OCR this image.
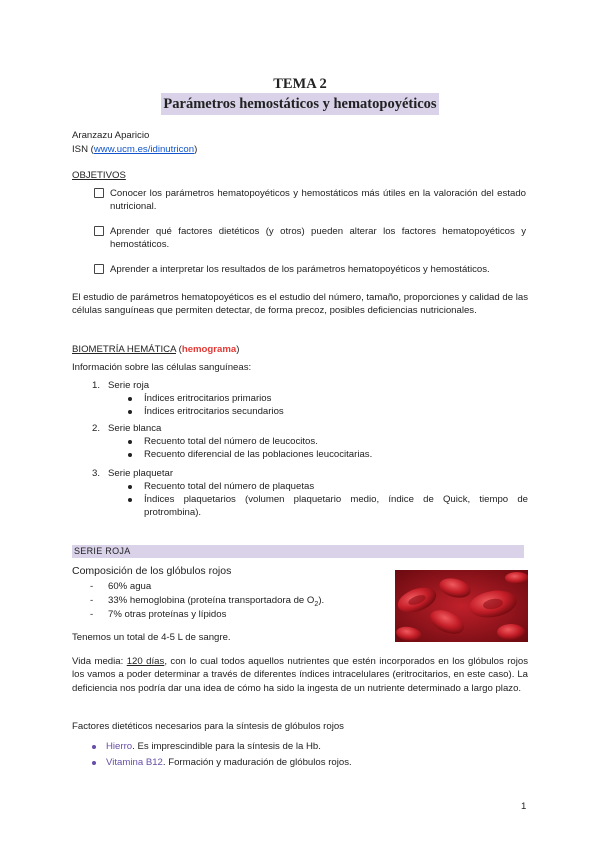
TEMA 2
Parámetros hemostáticos y hematopoyéticos
Aranzazu Aparicio
ISN (www.ucm.es/idinutricon)
OBJETIVOS
Conocer los parámetros hematopoyéticos y hemostáticos más útiles en la valoración del estado nutricional.
Aprender qué factores dietéticos (y otros) pueden alterar los factores hematopoyéticos y hemostáticos.
Aprender a interpretar los resultados de los parámetros hematopoyéticos y hemostáticos.
El estudio de parámetros hematopoyéticos es el estudio del número, tamaño, proporciones y calidad de las células sanguíneas que permiten detectar, de forma precoz, posibles deficiencias nutricionales.
BIOMETRÍA HEMÁTICA (hemograma)
Información sobre las células sanguíneas:
1. Serie roja
Índices eritrocitarios primarios
Índices eritrocitarios secundarios
2. Serie blanca
Recuento total del número de leucocitos.
Recuento diferencial de las poblaciones leucocitarias.
3. Serie plaquetar
Recuento total del número de plaquetas
Índices plaquetarios (volumen plaquetario medio, índice de Quick, tiempo de protrombina).
SERIE ROJA
Composición de los glóbulos rojos
- 60% agua
- 33% hemoglobina (proteína transportadora de $O_2$).
- 7% otras proteínas y lípidos
Tenemos un total de 4-5 L de sangre.
Vida media: 120 días, con lo cual todos aquellos nutrientes que estén incorporados en los glóbulos rojos los vamos a poder determinar a través de diferentes índices intracelulares (eritrocitarios, en este caso). La deficiencia nos podría dar una idea de cómo ha sido la ingesta de un nutriente determinado a largo plazo.
Factores dietéticos necesarios para la síntesis de glóbulos rojos
Hierro . Es imprescindible para la síntesis de la Hb.
Vitamina B12 . Formación y maduración de glóbulos rojos.
1
